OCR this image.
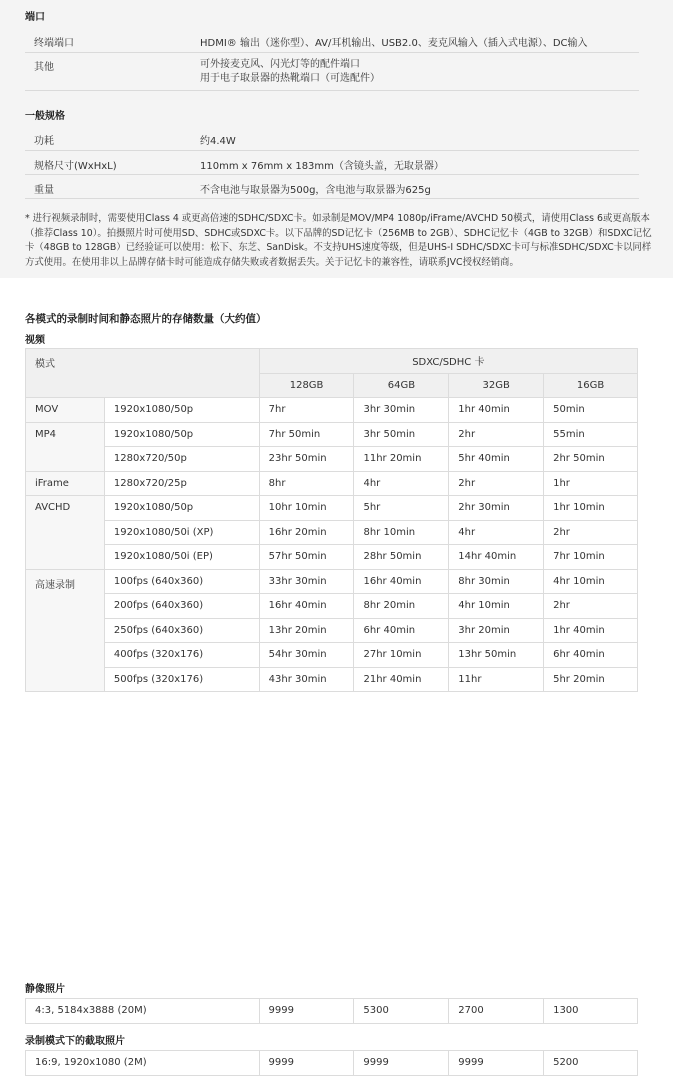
端口
终端端口	HDMI® 输出（迷你型）、AV/耳机输出、USB2.0、麦克风输入（插入式电源）、DC输入
其他	可外接麦克风、闪光灯等的配件端口
用于电子取景器的热靴端口（可选配件）
一般规格
功耗	约4.4W
规格尺寸(WxHxL)	110mm x 76mm x 183mm（含镜头盖，无取景器）
重量	不含电池与取景器为500g，含电池与取景器为625g
* 进行视频录制时，需要使用Class 4 或更高倍速的SDHC/SDXC卡。如录制是MOV/MP4 1080p/iFrame/AVCHD 50模式，请使用Class 6或更高版本（推荐Class 10）。拍摄照片时可使用SD、SDHC或SDXC卡。以下品牌的SD记忆卡（256MB to 2GB）、SDHC记忆卡（4GB to 32GB）和SDXC记忆卡（48GB to 128GB）已经验证可以使用：松下、东芝、SanDisk。不支持UHS速度等级，但是UHS-I SDHC/SDXC卡可与标准SDHC/SDXC卡以同样方式使用。在使用非以上品牌存储卡时可能造成存储失败或者数据丢失。关于记忆卡的兼容性，请联系JVC授权经销商。
各模式的录制时间和静态照片的存储数量（大约值）
视频
模式		SDXC/SDHC 卡			
		128GB	64GB	32GB	16GB
MOV	1920x1080/50p	7hr	3hr 30min	1hr 40min	50min
MP4	1920x1080/50p	7hr 50min	3hr 50min	2hr	55min
	1280x720/50p	23hr 50min	11hr 20min	5hr 40min	2hr 50min
iFrame	1280x720/25p	8hr	4hr	2hr	1hr
AVCHD	1920x1080/50p	10hr 10min	5hr	2hr 30min	1hr 10min
	1920x1080/50i (XP)	16hr 20min	8hr 10min	4hr	2hr
	1920x1080/50i (EP)	57hr 50min	28hr 50min	14hr 40min	7hr 10min
高速录制	100fps (640x360)	33hr 30min	16hr 40min	8hr 30min	4hr 10min
	200fps (640x360)	16hr 40min	8hr 20min	4hr 10min	2hr
	250fps (640x360)	13hr 20min	6hr 40min	3hr 20min	1hr 40min
	400fps (320x176)	54hr 30min	27hr 10min	13hr 50min	6hr 40min
	500fps (320x176)	43hr 30min	21hr 40min	11hr	5hr 20min
静像照片
4:3, 5184x3888 (20M)	9999	5300	2700	1300
录制模式下的截取照片
16:9, 1920x1080 (2M)	9999	9999	9999	5200
